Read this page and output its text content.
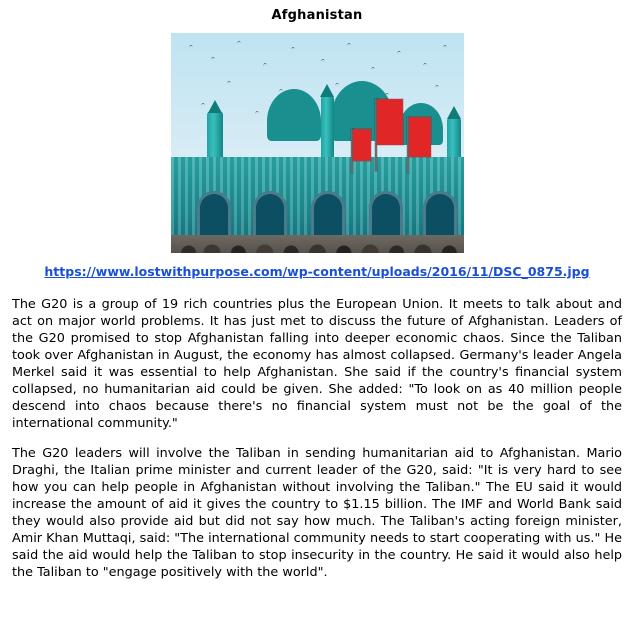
Afghanistan
https://www.lostwithpurpose.com/wp-content/uploads/2016/11/DSC_0875.jpg

The G20 is a group of 19 rich countries plus the European Union. It meets to talk about and act on major world problems. It has just met to discuss the future of Afghanistan. Leaders of the G20 promised to stop Afghanistan falling into deeper economic chaos. Since the Taliban took over Afghanistan in August, the economy has almost collapsed. Germany's leader Angela Merkel said it was essential to help Afghanistan. She said if the country's financial system collapsed, no humanitarian aid could be given. She added: "To look on as 40 million people descend into chaos because there's no financial system must not be the goal of the international community."

The G20 leaders will involve the Taliban in sending humanitarian aid to Afghanistan. Mario Draghi, the Italian prime minister and current leader of the G20, said: "It is very hard to see how you can help people in Afghanistan without involving the Taliban." The EU said it would increase the amount of aid it gives the country to $1.15 billion. The IMF and World Bank said they would also provide aid but did not say how much. The Taliban's acting foreign minister, Amir Khan Muttaqi, said: "The international community needs to start cooperating with us." He said the aid would help the Taliban to stop insecurity in the country. He said it would also help the Taliban to "engage positively with the world".
